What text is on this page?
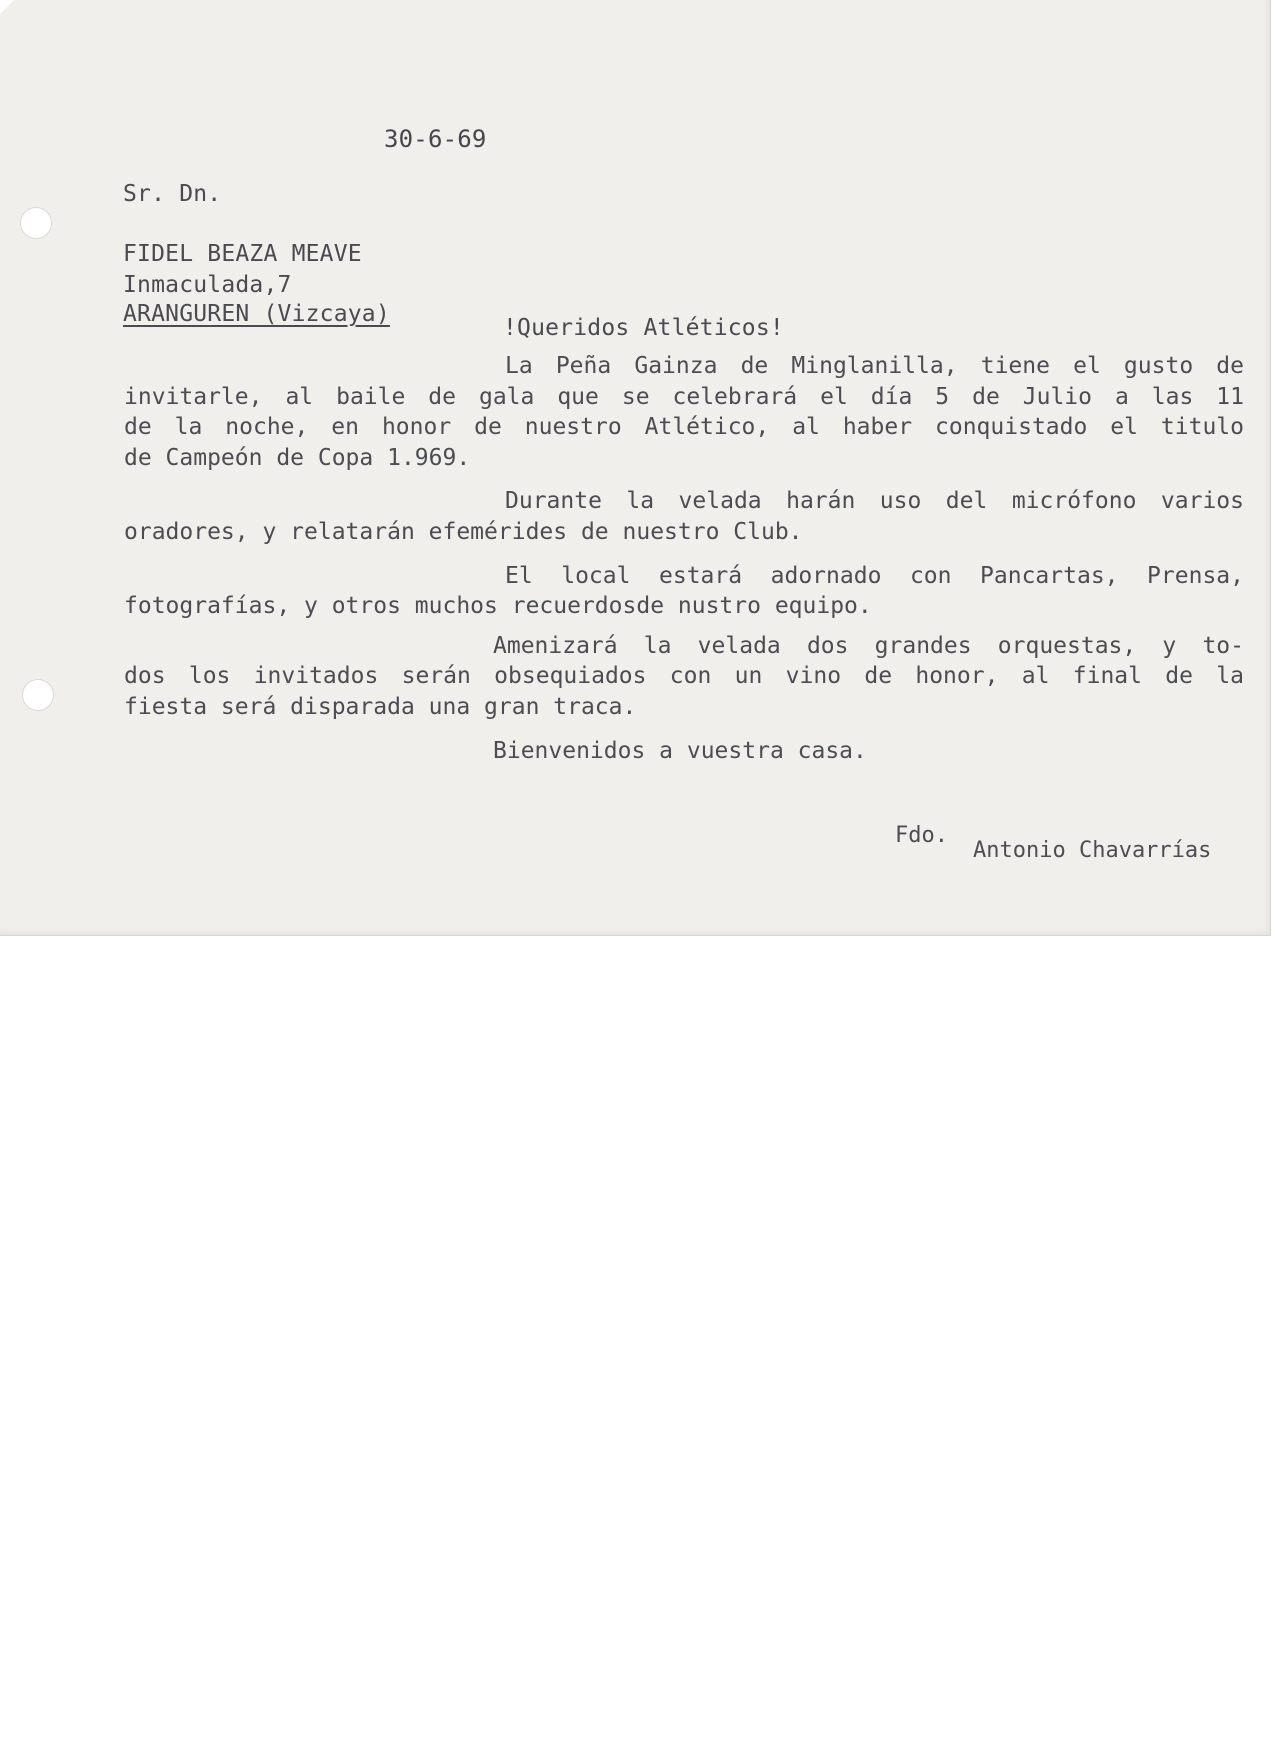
30-6-69
Sr. Dn.
FIDEL BEAZA MEAVE
Inmaculada,7
ARANGUREN (Vizcaya)
!Queridos Atléticos!
La Peña Gainza de Minglanilla, tiene el gusto de
invitarle, al baile de gala que se celebrará el día 5 de Julio a las 11
de la noche, en honor de nuestro Atlético, al haber conquistado el titulo
de Campeón de Copa 1.969.
Durante la velada harán uso del micrófono varios
oradores, y relatarán efemérides de nuestro Club.
El local estará adornado con Pancartas, Prensa,
fotografías, y otros muchos recuerdosde nustro equipo.
Amenizará la velada dos grandes orquestas, y to-
dos los invitados serán obsequiados con un vino de honor, al final de la
fiesta será disparada una gran traca.
Bienvenidos a vuestra casa.
Fdo.
Antonio Chavarrías
